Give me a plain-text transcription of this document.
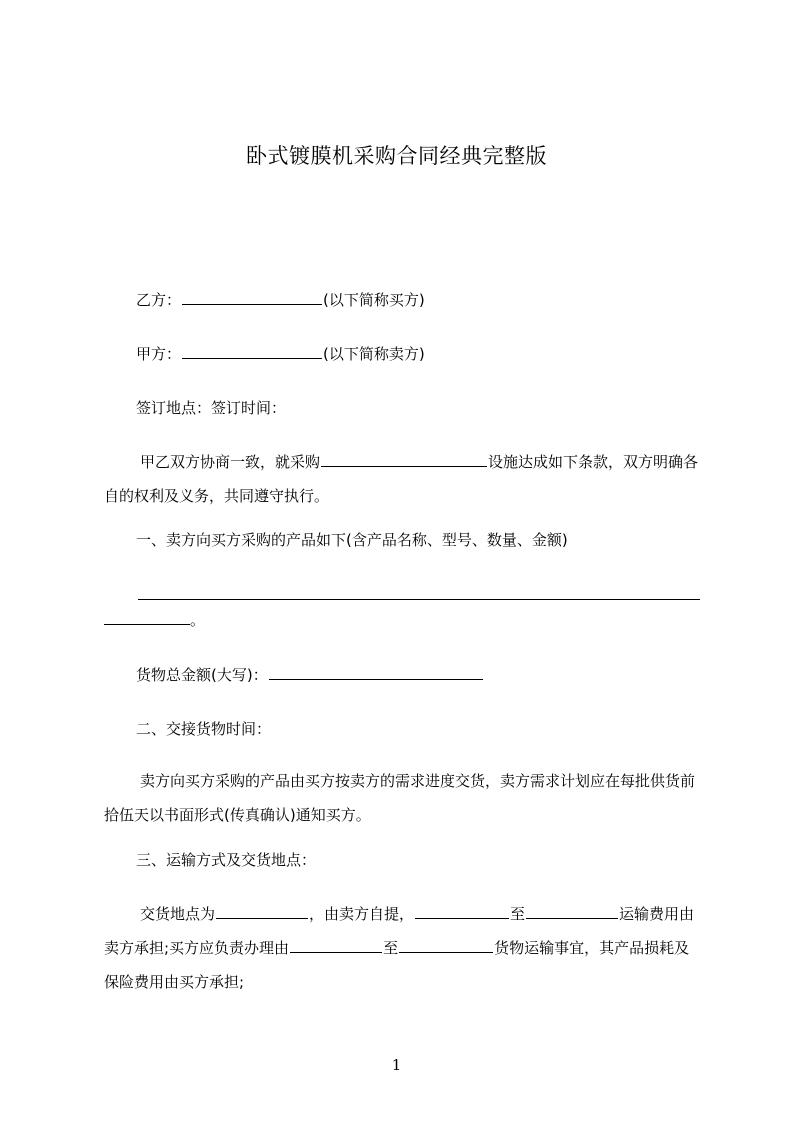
卧式镀膜机采购合同经典完整版
乙方：	(以下简称买方)
甲方：	(以下简称卖方)
签订地点：签订时间：
甲乙双方协商一致，就采购	设施达成如下条款，双方明确各自的权利及义务，共同遵守执行。
一、卖方向买方采购的产品如下(含产品名称、型号、数量、金额)
。
货物总金额(大写)：
二、交接货物时间：
卖方向买方采购的产品由买方按卖方的需求进度交货，卖方需求计划应在每批供货前拾伍天以书面形式(传真确认)通知买方。
三、运输方式及交货地点：
交货地点为	，由卖方自提，	至	运输费用由卖方承担;买方应负责办理由	至	货物运输事宜，其产品损耗及保险费用由买方承担;
1
